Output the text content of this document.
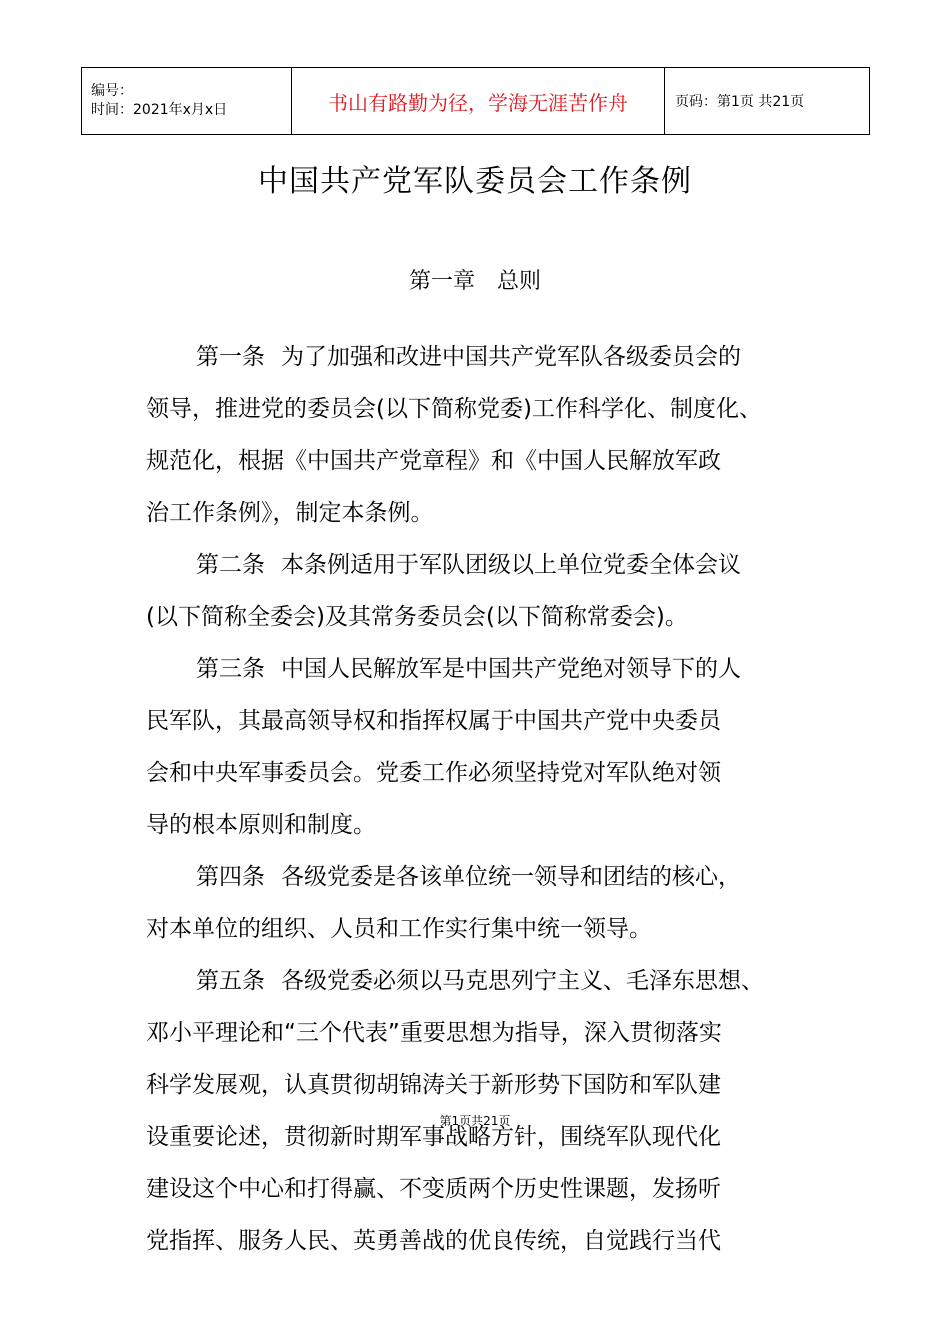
编号：
时间：2021年x月x日	书山有路勤为径，学海无涯苦作舟	页码：第1页 共21页
中国共产党军队委员会工作条例
第一章　总则
第一条 为了加强和改进中国共产党军队各级委员会的
领导，推进党的委员会(以下简称党委)工作科学化、制度化、
规范化，根据《中国共产党章程》和《中国人民解放军政
治工作条例》，制定本条例。
第二条 本条例适用于军队团级以上单位党委全体会议
(以下简称全委会)及其常务委员会(以下简称常委会)。
第三条 中国人民解放军是中国共产党绝对领导下的人
民军队，其最高领导权和指挥权属于中国共产党中央委员
会和中央军事委员会。党委工作必须坚持党对军队绝对领
导的根本原则和制度。
第四条 各级党委是各该单位统一领导和团结的核心，
对本单位的组织、人员和工作实行集中统一领导。
第五条 各级党委必须以马克思列宁主义、毛泽东思想、
邓小平理论和“三个代表”重要思想为指导，深入贯彻落实
科学发展观，认真贯彻胡锦涛关于新形势下国防和军队建
设重要论述，贯彻新时期军事战略方针，围绕军队现代化
建设这个中心和打得赢、不变质两个历史性课题，发扬听
党指挥、服务人民、英勇善战的优良传统，自觉践行当代
第1页共21页
